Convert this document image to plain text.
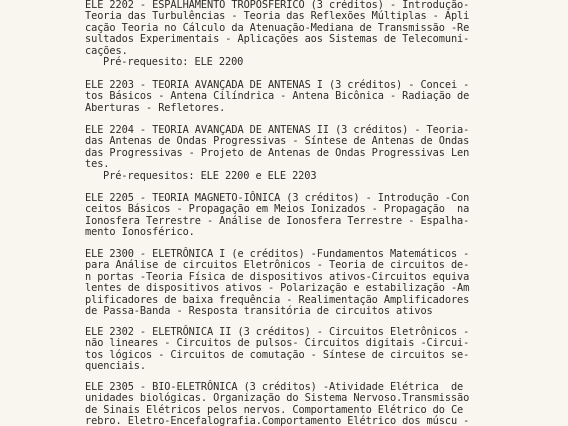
ELE 2202 - ESPALHAMENTO TROPOSFÉRICO (3 créditos) - Introdução-
Teoria das Turbulências - Teoria das Reflexões Múltiplas - Apli
cação Teoria no Cálculo da Atenuação-Mediana de Transmissão -Re
sultados Experimentais - Aplicações aos Sistemas de Telecomuni-
cações.
Pré-requesito: ELE 2200
ELE 2203 - TEORIA AVANÇADA DE ANTENAS I (3 créditos) - Concei -
tos Básicos - Antena Cilíndrica - Antena Bicônica - Radiação de
Aberturas - Refletores.
ELE 2204 - TEORIA AVANÇADA DE ANTENAS II (3 créditos) - Teoria-
das Antenas de Ondas Progressivas - Síntese de Antenas de Ondas
das Progressivas - Projeto de Antenas de Ondas Progressivas Len
tes.
Pré-requesitos: ELE 2200 e ELE 2203
ELE 2205 - TEORIA MAGNETO-IÔNICA (3 créditos) - Introdução -Con
ceitos Básicos - Propagação em Meios Ionizados - Propagação  na
Ionosfera Terrestre - Análise de Ionosfera Terrestre - Espalha-
mento Ionosférico.
ELE 2300 - ELETRÔNICA I (e créditos) -Fundamentos Matemáticos -
para Análise de circuitos Eletrônicos - Teoria de circuitos de-
n portas -Teoria Física de dispositivos ativos-Circuitos equiva
lentes de dispositivos ativos - Polarização e estabilização -Am
plificadores de baixa frequência - Realimentação Amplificadores
de Passa-Banda - Resposta transitória de circuitos ativos
ELE 2302 - ELETRÔNICA II (3 créditos) - Circuitos Eletrônicos -
não lineares - Circuitos de pulsos- Circuitos digitais -Circui-
tos lógicos - Circuitos de comutação - Síntese de circuitos se-
quenciais.
ELE 2305 - BIO-ELETRÔNICA (3 créditos) -Atividade Elétrica  de
unidades biológicas. Organização do Sistema Nervoso.Transmissão
de Sinais Elétricos pelos nervos. Comportamento Elétrico do Ce
rebro. Eletro-Encefalografia.Comportamento Elétrico dos múscu -
